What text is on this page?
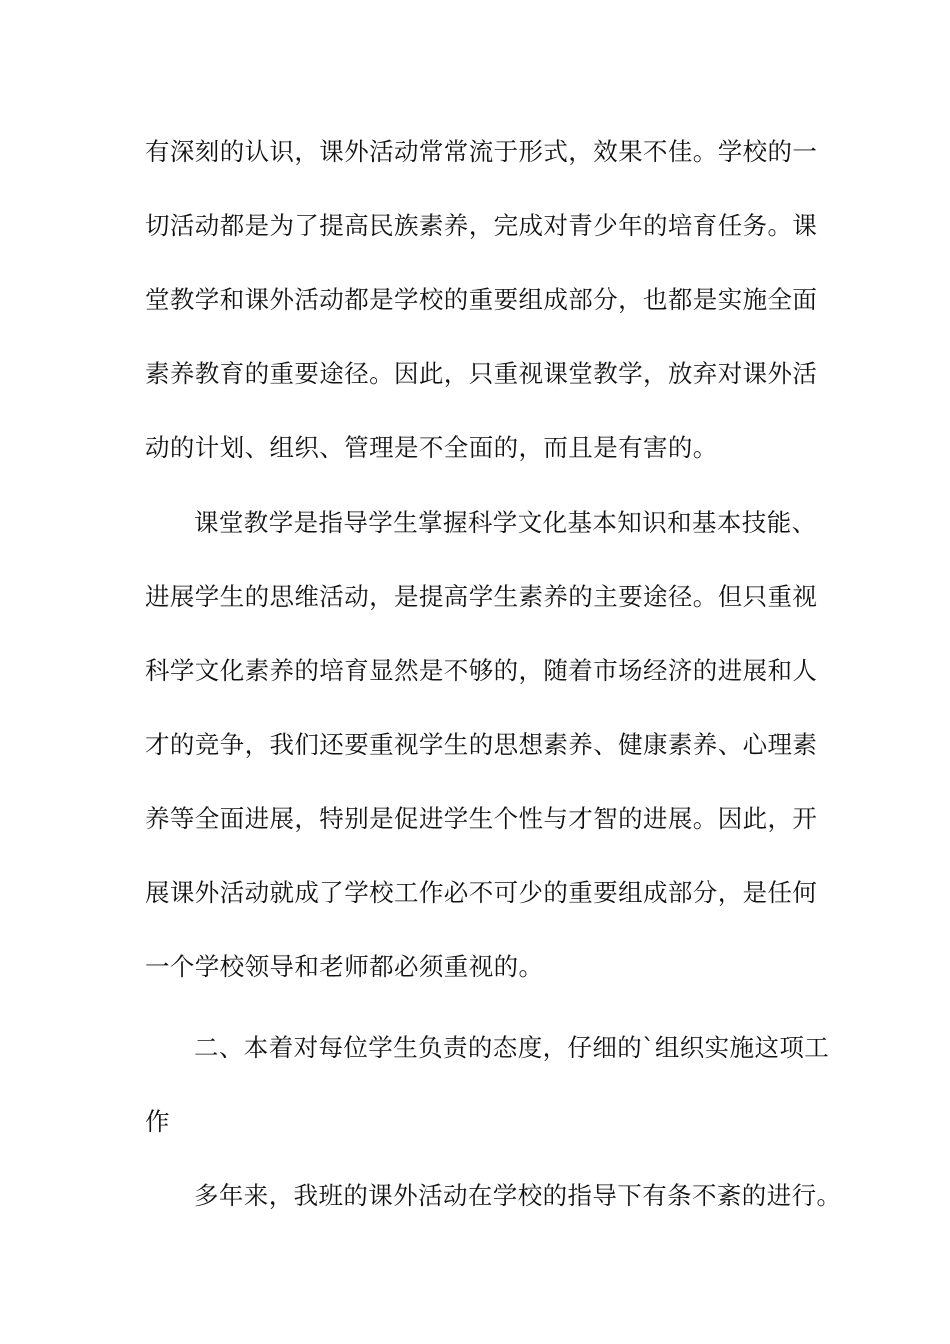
有深刻的认识，课外活动常常流于形式，效果不佳。学校的一
切活动都是为了提高民族素养，完成对青少年的培育任务。课
堂教学和课外活动都是学校的重要组成部分，也都是实施全面
素养教育的重要途径。因此，只重视课堂教学，放弃对课外活
动的计划、组织、管理是不全面的，而且是有害的。
课堂教学是指导学生掌握科学文化基本知识和基本技能、
进展学生的思维活动，是提高学生素养的主要途径。但只重视
科学文化素养的培育显然是不够的，随着市场经济的进展和人
才的竞争，我们还要重视学生的思想素养、健康素养、心理素
养等全面进展，特别是促进学生个性与才智的进展。因此，开
展课外活动就成了学校工作必不可少的重要组成部分，是任何
一个学校领导和老师都必须重视的。
二、本着对每位学生负责的态度，仔细的`组织实施这项工
作
多年来，我班的课外活动在学校的指导下有条不紊的进行。
